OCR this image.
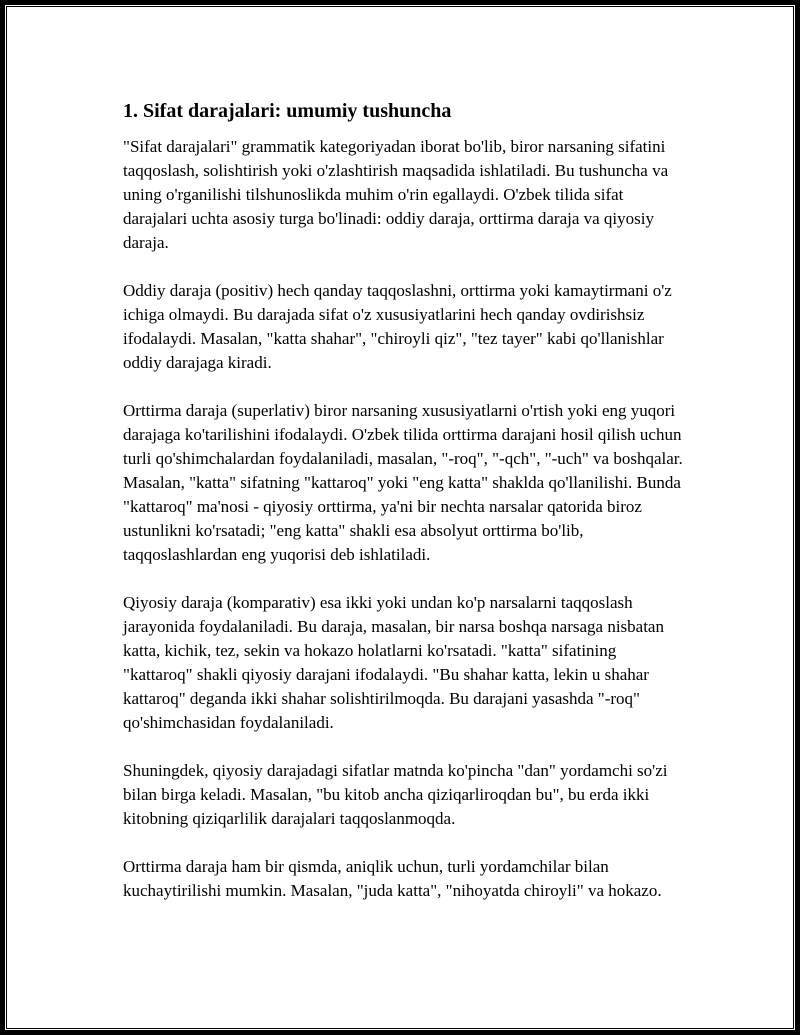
1. Sifat darajalari: umumiy tushuncha

"Sifat darajalari" grammatik kategoriyadan iborat bo'lib, biror narsaning sifatini taqqoslash, solishtirish yoki o'zlashtirish maqsadida ishlatiladi. Bu tushuncha va uning o'rganilishi tilshunoslikda muhim o'rin egallaydi. O'zbek tilida sifat darajalari uchta asosiy turga bo'linadi: oddiy daraja, orttirma daraja va qiyosiy daraja.

Oddiy daraja (positiv) hech qanday taqqoslashni, orttirma yoki kamaytirmani o'z ichiga olmaydi. Bu darajada sifat o'z xususiyatlarini hech qanday ovdirishsiz ifodalaydi. Masalan, "katta shahar", "chiroyli qiz", "tez tayer" kabi qo'llanishlar oddiy darajaga kiradi.

Orttirma daraja (superlativ) biror narsaning xususiyatlarni o'rtish yoki eng yuqori darajaga ko'tarilishini ifodalaydi. O'zbek tilida orttirma darajani hosil qilish uchun turli qo'shimchalardan foydalaniladi, masalan, "-roq", "-qch", "-uch" va boshqalar. Masalan, "katta" sifatning "kattaroq" yoki "eng katta" shaklda qo'llanilishi. Bunda "kattaroq" ma'nosi - qiyosiy orttirma, ya'ni bir nechta narsalar qatorida biroz ustunlikni ko'rsatadi; "eng katta" shakli esa absolyut orttirma bo'lib, taqqoslashlardan eng yuqorisi deb ishlatiladi.

Qiyosiy daraja (komparativ) esa ikki yoki undan ko'p narsalarni taqqoslash jarayonida foydalaniladi. Bu daraja, masalan, bir narsa boshqa narsaga nisbatan katta, kichik, tez, sekin va hokazo holatlarni ko'rsatadi. "katta" sifatining "kattaroq" shakli qiyosiy darajani ifodalaydi. "Bu shahar katta, lekin u shahar kattaroq" deganda ikki shahar solishtirilmoqda. Bu darajani yasashda "-roq" qo'shimchasidan foydalaniladi.

Shuningdek, qiyosiy darajadagi sifatlar matnda ko'pincha "dan" yordamchi so'zi bilan birga keladi. Masalan, "bu kitob ancha qiziqarliroqdan bu", bu erda ikki kitobning qiziqarlilik darajalari taqqoslanmoqda.

Orttirma daraja ham bir qismda, aniqlik uchun, turli yordamchilar bilan kuchaytirilishi mumkin. Masalan, "juda katta", "nihoyatda chiroyli" va hokazo.
